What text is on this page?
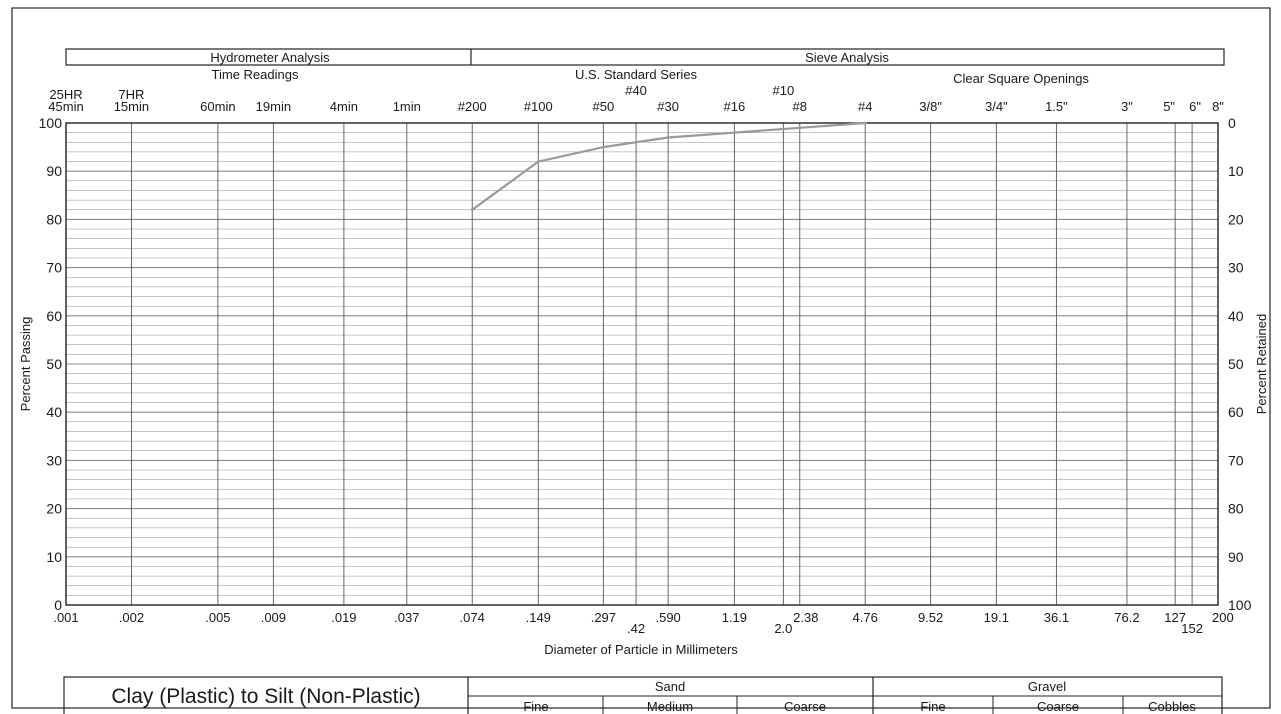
Hydrometer Analysis	Sieve Analysis
Time Readings	U.S. Standard Series	Clear Square Openings
25HR
45min
7HR
15min	60min 19min	4min	1min	#200	#100	#50
#40
#30	#16
#10
#8	#4	3/8"	3/4"	1.5"	3" 5" 6" 8"
0
10
20
30
40
50
60
70
80
90
100
100
90
80
70
60
50
40
30
20
10
0
.001	.002	.005 .009	.019	.037	.074	.149	.297
.42
.590	1.19	2.38
2.0
4.76	9.52	19.1	36.1	76.2 127
152
200
Percent Passing	Percent Retained
Diameter of Particle in Millimeters
Clay (Plastic) to Silt (Non-Plastic)	Sand	Gravel
Fine	Medium	Coarse	Fine	Coarse	Cobbles
